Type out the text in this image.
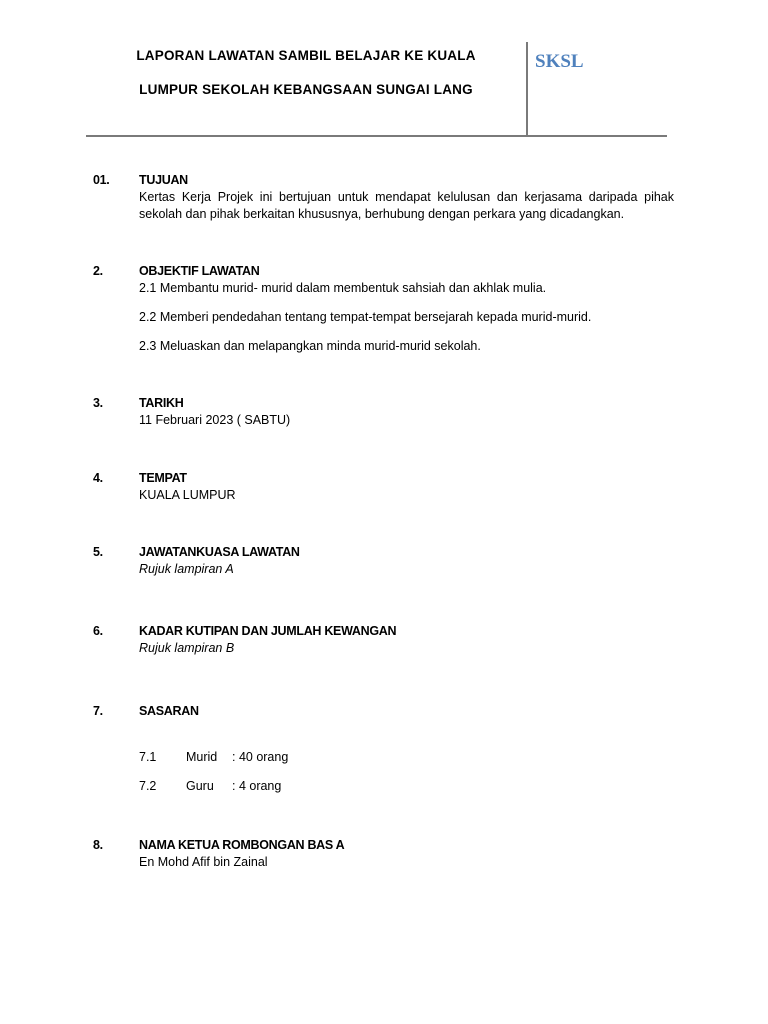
LAPORAN LAWATAN SAMBIL BELAJAR KE KUALA
LUMPUR SEKOLAH KEBANGSAAN SUNGAI LANG
SKSL
01. TUJUAN
Kertas Kerja Projek ini bertujuan untuk mendapat kelulusan dan kerjasama daripada pihak sekolah dan pihak berkaitan khususnya, berhubung dengan perkara yang dicadangkan.
2.	OBJEKTIF LAWATAN
2.1 Membantu murid- murid dalam membentuk sahsiah dan akhlak mulia.
2.2 Memberi pendedahan tentang tempat-tempat bersejarah kepada murid-murid.
2.3 Meluaskan dan melapangkan minda murid-murid sekolah.
3.	TARIKH
11 Februari 2023 ( SABTU)
4.	TEMPAT
KUALA LUMPUR
5.	JAWATANKUASA LAWATAN
Rujuk lampiran A
6.	KADAR KUTIPAN DAN JUMLAH KEWANGAN
Rujuk lampiran B
7.	SASARAN
7.1 Murid : 40 orang
7.2 Guru : 4 orang
8.	NAMA KETUA ROMBONGAN BAS A
En Mohd Afif bin Zainal
